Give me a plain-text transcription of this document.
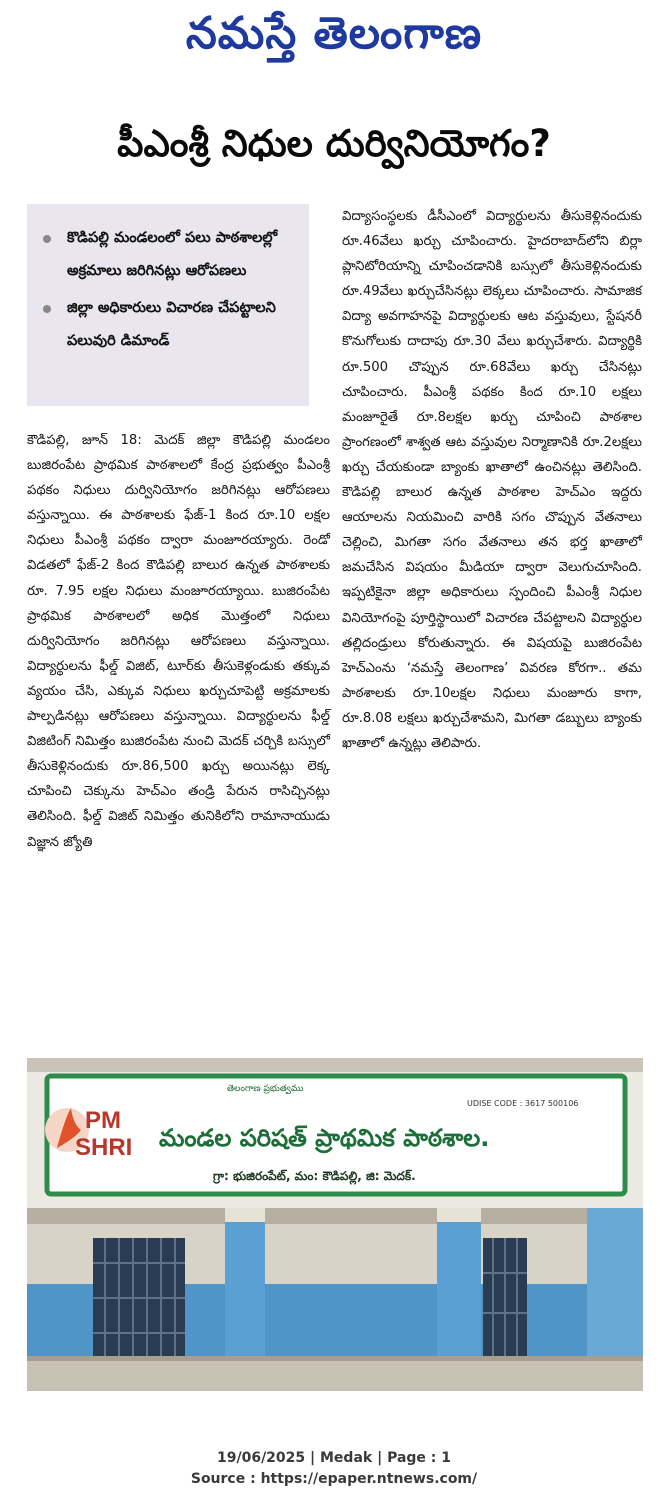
నమస్తే తెలంగాణ
పీఎంశ్రీ నిధుల దుర్వినియోగం?
కొడిపల్లి మండలంలో పలు పాఠశాలల్లో అక్రమాలు జరిగినట్లు ఆరోపణలు
జిల్లా అధికారులు విచారణ చేపట్టాలని పలువురి డిమాండ్

కౌడిపల్లి, జూన్ 18: మెదక్ జిల్లా కౌడిపల్లి మండలం బుజిరంపేట ప్రాథమిక పాఠశాలలో కేంద్ర ప్రభుత్వం పీఎంశ్రీ పథకం నిధులు దుర్వినియోగం జరిగినట్లు ఆరోపణలు వస్తున్నాయి. ఈ పాఠశాలకు ఫేజ్-1 కింద రూ.10 లక్షల నిధులు పీఎంశ్రీ పథకం ద్వారా మంజూరయ్యారు. రెండో విడతలో ఫేజ్-2 కింద కౌడిపల్లి బాలుర ఉన్నత పాఠశాలకు రూ. 7.95 లక్షల నిధులు మంజూరయ్యాయి. బుజిరంపేట ప్రాథమిక పాఠశాలలో అధిక మొత్తంలో నిధులు దుర్వినియోగం జరిగినట్లు ఆరోపణలు వస్తున్నాయి. విద్యార్థులను ఫీల్డ్ విజిట్, టూర్‌కు తీసుకెళ్లండుకు తక్కువ వ్యయం చేసి, ఎక్కువ నిధులు ఖర్చుచూపెట్టి అక్రమాలకు పాల్పడినట్లు ఆరోపణలు వస్తున్నాయి. విద్యార్థులను ఫీల్డ్ విజిటింగ్ నిమిత్తం బుజిరంపేట నుంచి మెదక్ చర్చికి బస్సులో తీసుకెళ్లినందుకు రూ.86,500 ఖర్చు అయినట్లు లెక్క చూపించి చెక్కును హెచ్ఎం తండ్రి పేరున రాసిచ్చినట్లు తెలిసింది. ఫీల్డ్ విజిట్ నిమిత్తం తునికిలోని రామానాయుడు విజ్ఞాన జ్యోతి

విద్యాసంస్థలకు డీసీఎంలో విద్యార్థులను తీసుకెళ్లినందుకు రూ.46వేలు ఖర్చు చూపించారు. హైదరాబాద్‌లోని బిర్లా ప్లానిటోరియాన్ని చూపించడానికి బస్సులో తీసుకెళ్లినందుకు రూ.49వేలు ఖర్చుచేసినట్లు లెక్కలు చూపించారు. సామాజిక విద్యా అవగాహనపై విద్యార్థులకు ఆట వస్తువులు, స్టేషనరీ కొనుగోలుకు దాదాపు రూ.30 వేలు ఖర్చుచేశారు. విద్యార్థికి రూ.500 చొప్పున రూ.68వేలు ఖర్చు చేసినట్లు చూపించారు. పీఎంశ్రీ పథకం కింద రూ.10 లక్షలు మంజూరైతే రూ.8లక్షల ఖర్చు చూపించి పాఠశాల ప్రాంగణంలో శాశ్వత ఆట వస్తువుల నిర్మాణానికి రూ.2లక్షలు ఖర్చు చేయకుండా బ్యాంకు ఖాతాలో ఉంచినట్లు తెలిసింది. కౌడిపల్లి బాలుర ఉన్నత పాఠశాల హెచ్ఎం ఇద్దరు ఆయాలను నియమించి వారికి సగం చొప్పున వేతనాలు చెల్లించి, మిగతా సగం వేతనాలు తన భర్త ఖాతాలో జమచేసిన విషయం మీడియా ద్వారా వెలుగుచూసింది. ఇప్పటికైనా జిల్లా అధికారులు స్పందించి పీఎంశ్రీ నిధుల వినియోగంపై పూర్తిస్థాయిలో విచారణ చేపట్టాలని విద్యార్థుల తల్లిదండ్రులు కోరుతున్నారు. ఈ విషయపై బుజిరంపేట హెచ్ఎంను ‘నమస్తే తెలంగాణ’ వివరణ కోరగా.. తమ పాఠశాలకు రూ.10లక్షల నిధులు మంజూరు కాగా, రూ.8.08 లక్షలు ఖర్చుచేశామని, మిగతా డబ్బులు బ్యాంకు ఖాతాలో ఉన్నట్లు తెలిపారు.

PM
SHRI
తెలంగాణ ప్రభుత్వము
UDISE CODE : 3617 500106
మండల పరిషత్ ప్రాథమిక పాఠశాల.
గ్రా: భుజిరంపేట్, మం: కౌడిపల్లి, జి: మెదక్.
19/06/2025 | Medak | Page : 1
Source : https://epaper.ntnews.com/
